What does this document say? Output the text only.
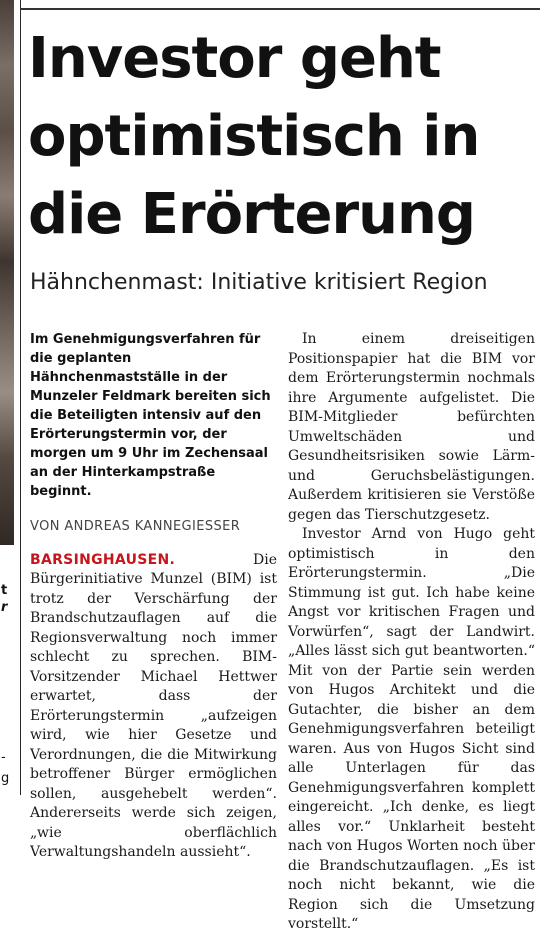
t
r
-
g
Investor geht
optimistisch in
die Erörterung
Hähnchenmast: Initiative kritisiert Region

Im Genehmigungsverfahren für die geplanten Hähnchenmastställe in der Munzeler Feldmark bereiten sich die Beteiligten intensiv auf den Erörterungstermin vor, der morgen um 9 Uhr im Zechensaal an der Hinterkampstraße beginnt.

VON ANDREAS KANNEGIESSER

BARSINGHAUSEN.	Die Bürgerinitiative Munzel (BIM) ist trotz der Verschärfung der Brandschutzauflagen auf die Regionsverwaltung noch immer schlecht zu sprechen. BIM-Vorsitzender Michael Hettwer erwartet, dass der Erörterungstermin „aufzeigen wird, wie hier Gesetze und Verordnungen, die die Mitwirkung betroffener Bürger ermöglichen sollen, ausgehebelt werden“. Andererseits werde sich zeigen, „wie oberflächlich Verwaltungshandeln aussieht“.

In einem dreiseitigen Positionspapier hat die BIM vor dem Erörterungstermin nochmals ihre Argumente aufgelistet. Die BIM-Mitglieder befürchten Umweltschäden und Gesundheitsrisiken sowie Lärm- und Geruchsbelästigungen. Außerdem kritisieren sie Verstöße gegen das Tierschutzgesetz.

Investor Arnd von Hugo geht optimistisch in den Erörterungstermin. „Die Stimmung ist gut. Ich habe keine Angst vor kritischen Fragen und Vorwürfen“, sagt der Landwirt. „Alles lässt sich gut beantworten.“ Mit von der Partie sein werden von Hugos Architekt und die Gutachter, die bisher an dem Genehmigungsverfahren beteiligt waren. Aus von Hugos Sicht sind alle Unterlagen für das Genehmigungsverfahren komplett eingereicht. „Ich denke, es liegt alles vor.“ Unklarheit besteht nach von Hugos Worten noch über die Brandschutzauflagen. „Es ist noch nicht bekannt, wie die Region sich die Umsetzung vorstellt.“
